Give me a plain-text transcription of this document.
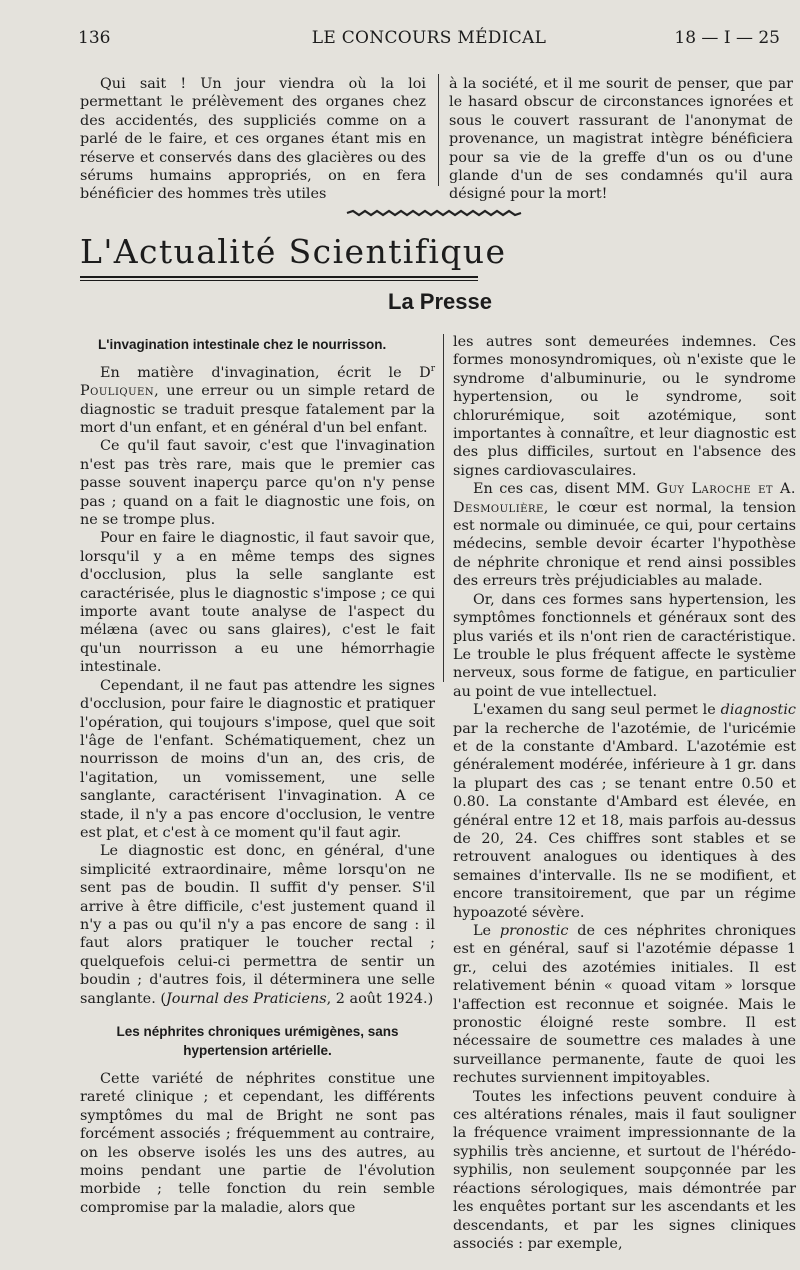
136	LE CONCOURS MÉDICAL	18 — I — 25

Qui sait ! Un jour viendra où la loi permettant le prélèvement des organes chez des accidentés, des suppliciés comme on a parlé de le faire, et ces organes étant mis en réserve et conservés dans des glacières ou des sérums humains appropriés, on en fera bénéficier des hommes très utiles

à la société, et il me sourit de penser, que par le hasard obscur de circonstances ignorées et sous le couvert rassurant de l'anonymat de provenance, un magistrat intègre bénéficiera pour sa vie de la greffe d'un os ou d'une glande d'un de ses condamnés qu'il aura désigné pour la mort!

L'Actualité Scientifique
La Presse
L'invagination intestinale chez le nourrisson.

En matière d'invagination, écrit le $D^r$ Pouliquen, une erreur ou un simple retard de diagnostic se traduit presque fatalement par la mort d'un enfant, et en général d'un bel enfant.

Ce qu'il faut savoir, c'est que l'invagination n'est pas très rare, mais que le premier cas passe souvent inaperçu parce qu'on n'y pense pas ; quand on a fait le diagnostic une fois, on ne se trompe plus.

Pour en faire le diagnostic, il faut savoir que, lorsqu'il y a en même temps des signes d'occlusion, plus la selle sanglante est caractérisée, plus le diagnostic s'impose ; ce qui importe avant toute analyse de l'aspect du mélæna (avec ou sans glaires), c'est le fait qu'un nourrisson a eu une hémorrhagie intestinale.

Cependant, il ne faut pas attendre les signes d'occlusion, pour faire le diagnostic et pratiquer l'opération, qui toujours s'impose, quel que soit l'âge de l'enfant. Schématiquement, chez un nourrisson de moins d'un an, des cris, de l'agitation, un vomissement, une selle sanglante, caractérisent l'invagination. A ce stade, il n'y a pas encore d'occlusion, le ventre est plat, et c'est à ce moment qu'il faut agir.

Le diagnostic est donc, en général, d'une simplicité extraordinaire, même lorsqu'on ne sent pas de boudin. Il suffit d'y penser. S'il arrive à être difficile, c'est justement quand il n'y a pas ou qu'il n'y a pas encore de sang : il faut alors pratiquer le toucher rectal ; quelquefois celui-ci permettra de sentir un boudin ; d'autres fois, il déterminera une selle sanglante. (Journal des Praticiens, 2 août 1924.)

Les néphrites chroniques urémigènes, sans
hypertension artérielle.

Cette variété de néphrites constitue une rareté clinique ; et cependant, les différents symptômes du mal de Bright ne sont pas forcément associés ; fréquemment au contraire, on les observe isolés les uns des autres, au moins pendant une partie de l'évolution morbide ; telle fonction du rein semble compromise par la maladie, alors que

les autres sont demeurées indemnes. Ces formes monosyndromiques, où n'existe que le syndrome d'albuminurie, ou le syndrome hypertension, ou le syndrome, soit chlorurémique, soit azotémique, sont importantes à connaître, et leur diagnostic est des plus difficiles, surtout en l'absence des signes cardiovasculaires.

En ces cas, disent MM. Guy Laroche et A. Desmoulière, le cœur est normal, la tension est normale ou diminuée, ce qui, pour certains médecins, semble devoir écarter l'hypothèse de néphrite chronique et rend ainsi possibles des erreurs très préjudiciables au malade.

Or, dans ces formes sans hypertension, les symptômes fonctionnels et généraux sont des plus variés et ils n'ont rien de caractéristique. Le trouble le plus fréquent affecte le système nerveux, sous forme de fatigue, en particulier au point de vue intellectuel.

L'examen du sang seul permet le diagnostic par la recherche de l'azotémie, de l'uricémie et de la constante d'Ambard. L'azotémie est généralement modérée, inférieure à 1 gr. dans la plupart des cas ; se tenant entre 0.50 et 0.80. La constante d'Ambard est élevée, en général entre 12 et 18, mais parfois au-dessus de 20, 24. Ces chiffres sont stables et se retrouvent analogues ou identiques à des semaines d'intervalle. Ils ne se modifient, et encore transitoirement, que par un régime hypoazoté sévère.

Le pronostic de ces néphrites chroniques est en général, sauf si l'azotémie dépasse 1 gr., celui des azotémies initiales. Il est relativement bénin « quoad vitam » lorsque l'affection est reconnue et soignée. Mais le pronostic éloigné reste sombre. Il est nécessaire de soumettre ces malades à une surveillance permanente, faute de quoi les rechutes surviennent impitoyables.

Toutes les infections peuvent conduire à ces altérations rénales, mais il faut souligner la fréquence vraiment impressionnante de la syphilis très ancienne, et surtout de l'hérédo-syphilis, non seulement soupçonnée par les réactions sérologiques, mais démontrée par les enquêtes portant sur les ascendants et les descendants, et par les signes cliniques associés : par exemple,
